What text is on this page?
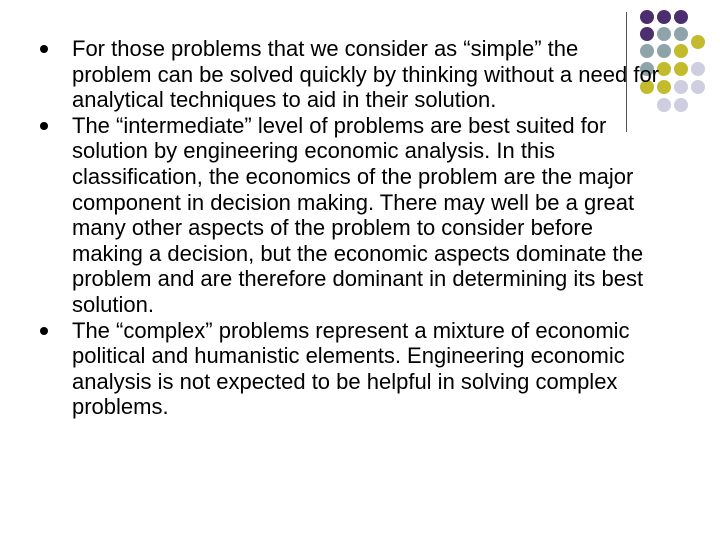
For those problems that we consider as “simple” the problem can be solved quickly by thinking without a need for analytical techniques to aid in their solution.
The “intermediate” level of problems are best suited for solution by engineering economic analysis. In this classification, the economics of the problem are the major component in decision making. There may well be a great many other aspects of the problem to consider before making a decision, but the economic aspects dominate the problem and are therefore dominant in determining its best solution.
The “complex” problems represent a mixture of economic political and humanistic elements. Engineering economic analysis is not expected to be helpful in solving complex problems.
